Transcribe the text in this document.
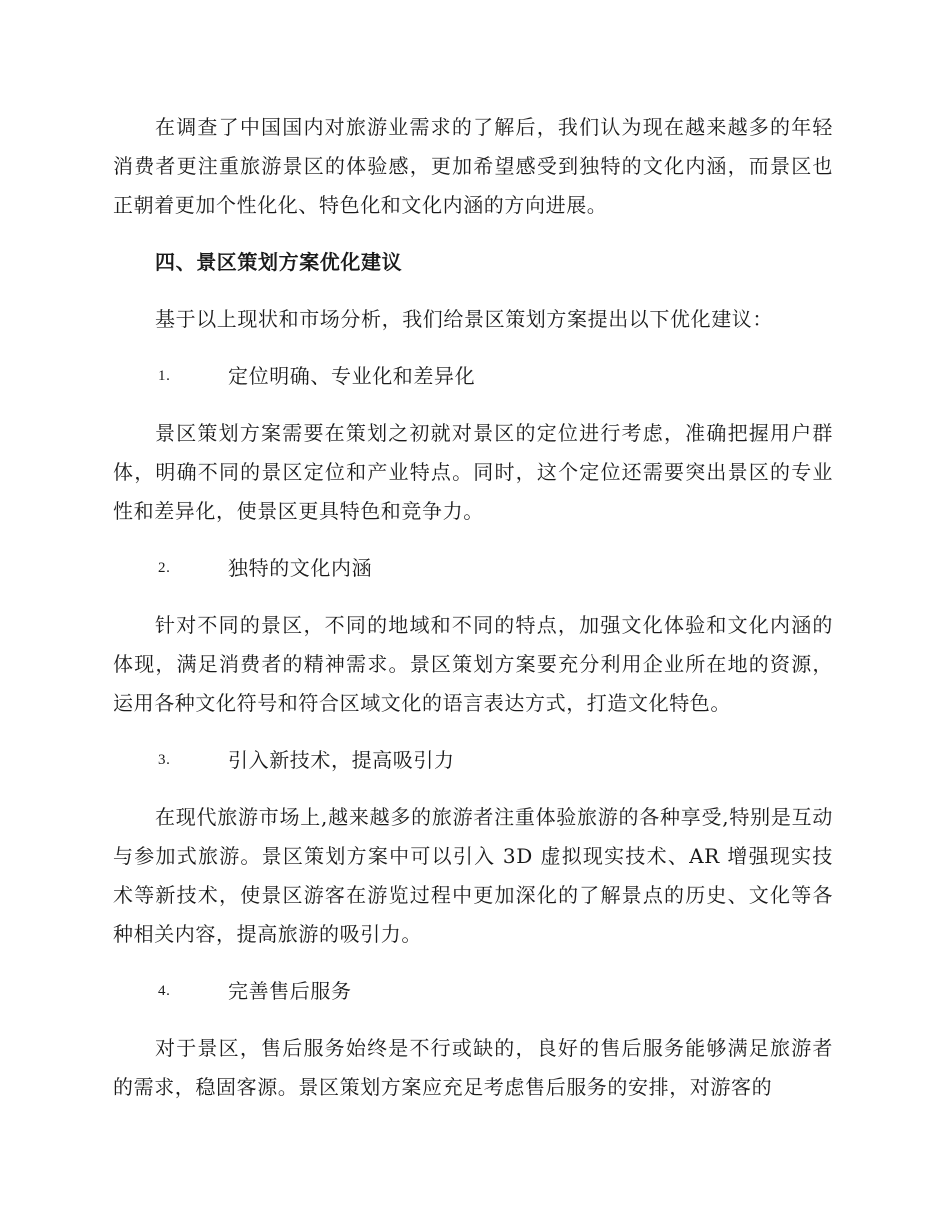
在调查了中国国内对旅游业需求的了解后，我们认为现在越来越多的年轻消费者更注重旅游景区的体验感，更加希望感受到独特的文化内涵，而景区也正朝着更加个性化化、特色化和文化内涵的方向进展。

四、景区策划方案优化建议

基于以上现状和市场分析，我们给景区策划方案提出以下优化建议：

1.	定位明确、专业化和差异化

景区策划方案需要在策划之初就对景区的定位进行考虑，准确把握用户群体，明确不同的景区定位和产业特点。同时，这个定位还需要突出景区的专业性和差异化，使景区更具特色和竞争力。

2.	独特的文化内涵

针对不同的景区，不同的地域和不同的特点，加强文化体验和文化内涵的体现，满足消费者的精神需求。景区策划方案要充分利用企业所在地的资源，运用各种文化符号和符合区域文化的语言表达方式，打造文化特色。

3.	引入新技术，提高吸引力

在现代旅游市场上,越来越多的旅游者注重体验旅游的各种享受,特别是互动与参加式旅游。景区策划方案中可以引入 3D 虚拟现实技术、AR 增强现实技术等新技术，使景区游客在游览过程中更加深化的了解景点的历史、文化等各种相关内容，提高旅游的吸引力。

4.	完善售后服务

对于景区，售后服务始终是不行或缺的，良好的售后服务能够满足旅游者的需求，稳固客源。景区策划方案应充足考虑售后服务的安排，对游客的
